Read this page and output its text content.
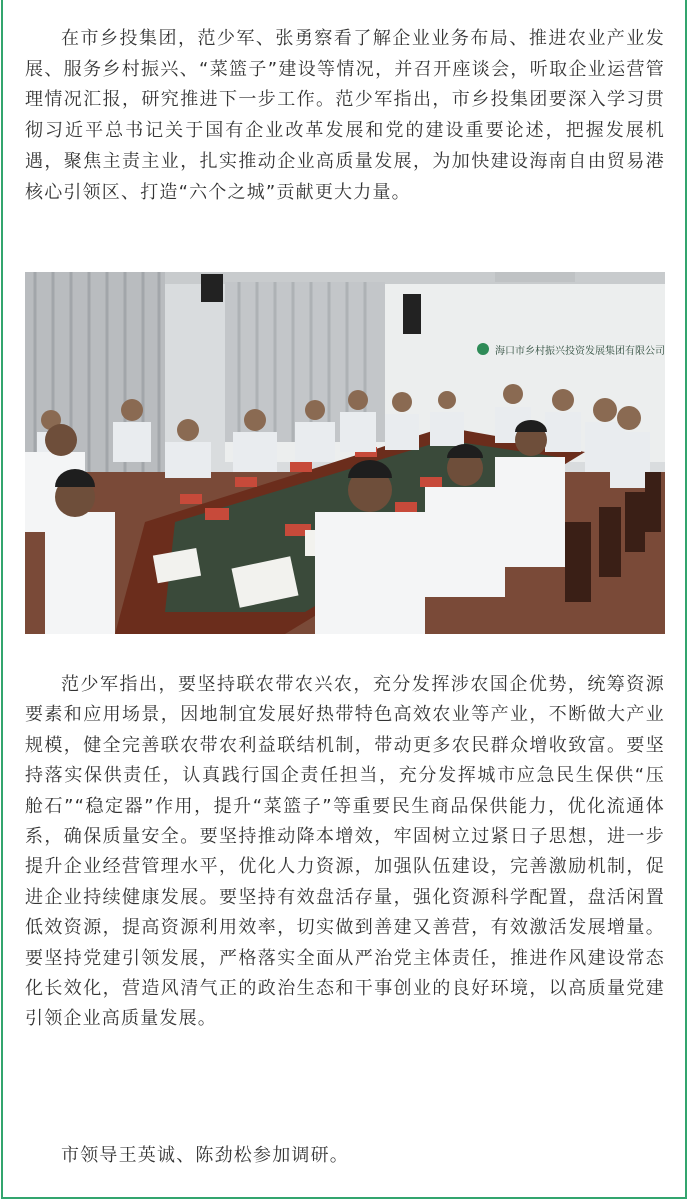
在市乡投集团，范少军、张勇察看了解企业业务布局、推进农业产业发展、服务乡村振兴、“菜篮子”建设等情况，并召开座谈会，听取企业运营管理情况汇报，研究推进下一步工作。范少军指出，市乡投集团要深入学习贯彻习近平总书记关于国有企业改革发展和党的建设重要论述，把握发展机遇，聚焦主责主业，扎实推动企业高质量发展，为加快建设海南自由贸易港核心引领区、打造“六个之城”贡献更大力量。

海口市乡村振兴投资发展集团有限公司

范少军指出，要坚持联农带农兴农，充分发挥涉农国企优势，统筹资源要素和应用场景，因地制宜发展好热带特色高效农业等产业，不断做大产业规模，健全完善联农带农利益联结机制，带动更多农民群众增收致富。要坚持落实保供责任，认真践行国企责任担当，充分发挥城市应急民生保供“压舱石”“稳定器”作用，提升“菜篮子”等重要民生商品保供能力，优化流通体系，确保质量安全。要坚持推动降本增效，牢固树立过紧日子思想，进一步提升企业经营管理水平，优化人力资源，加强队伍建设，完善激励机制，促进企业持续健康发展。要坚持有效盘活存量，强化资源科学配置，盘活闲置低效资源，提高资源利用效率，切实做到善建又善营，有效激活发展增量。要坚持党建引领发展，严格落实全面从严治党主体责任，推进作风建设常态化长效化，营造风清气正的政治生态和干事创业的良好环境，以高质量党建引领企业高质量发展。

市领导王英诚、陈劲松参加调研。
